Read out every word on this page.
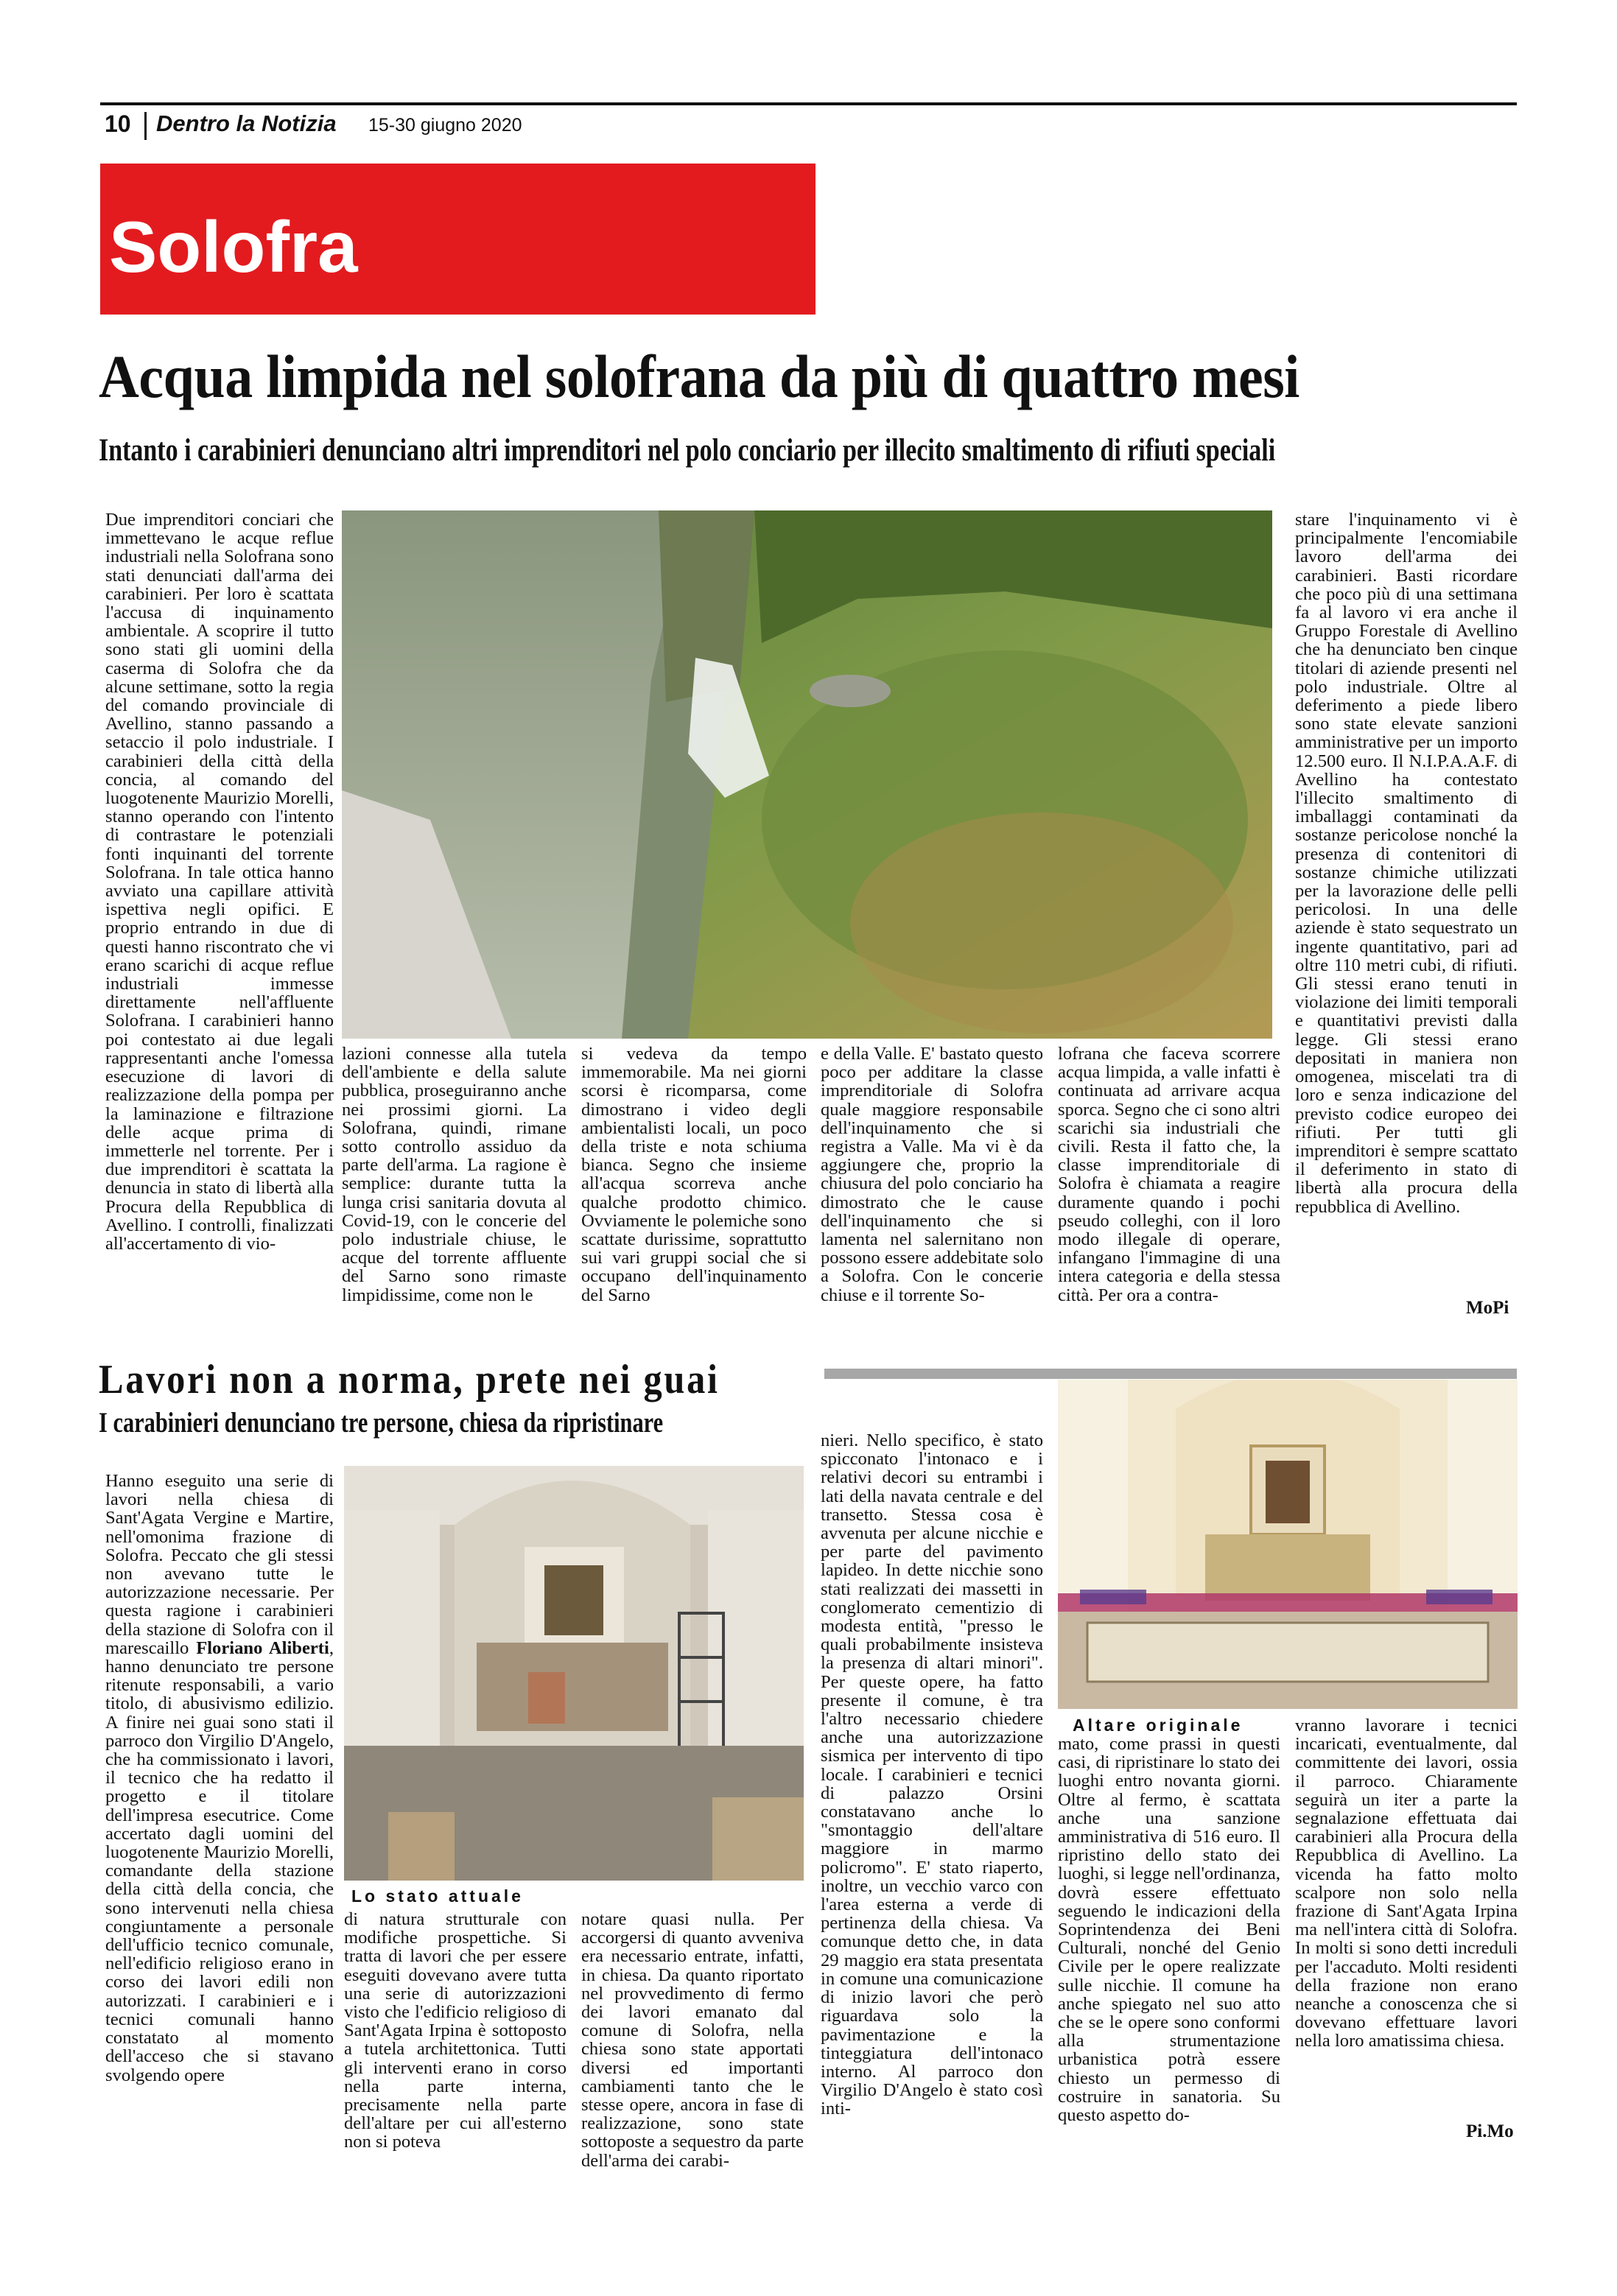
10 Dentro la Notizia 15-30 giugno 2020
Solofra
Acqua limpida nel solofrana da più di quattro mesi
Intanto i carabinieri denunciano altri imprenditori nel polo conciario per illecito smaltimento di rifiuti speciali

Due imprenditori conciari che immettevano le acque reflue industriali nella Solofrana sono stati denunciati dall'arma dei carabinieri. Per loro è scattata l'accusa di inquinamento ambientale. A scoprire il tutto sono stati gli uomini della caserma di Solofra che da alcune settimane, sotto la regia del comando provinciale di Avellino, stanno passando a setaccio il polo industriale. I carabinieri della città della concia, al comando del luogotenente Maurizio Morelli, stanno operando con l'intento di contrastare le potenziali fonti inquinanti del torrente Solofrana. In tale ottica hanno avviato una capillare attività ispettiva negli opifici. E proprio entrando in due di questi hanno riscontrato che vi erano scarichi di acque reflue industriali immesse direttamente nell'affluente Solofrana. I carabinieri hanno poi contestato ai due legali rappresentanti anche l'omessa esecuzione di lavori di realizzazione della pompa per la laminazione e filtrazione delle acque prima di immetterle nel torrente. Per i due imprenditori è scattata la denuncia in stato di libertà alla Procura della Repubblica di Avellino. I controlli, finalizzati all'accertamento di vio-

lazioni connesse alla tutela dell'ambiente e della salute pubblica, proseguiranno anche nei prossimi giorni. La Solofrana, quindi, rimane sotto controllo assiduo da parte dell'arma. La ragione è semplice: durante tutta la lunga crisi sanitaria dovuta al Covid-19, con le concerie del polo industriale chiuse, le acque del torrente affluente del Sarno sono rimaste limpidissime, come non le

si vedeva da tempo immemorabile. Ma nei giorni scorsi è ricomparsa, come dimostrano i video degli ambientalisti locali, un poco della triste e nota schiuma bianca. Segno che insieme all'acqua scorreva anche qualche prodotto chimico. Ovviamente le polemiche sono scattate durissime, soprattutto sui vari gruppi social che si occupano dell'inquinamento del Sarno

e della Valle. E' bastato questo poco per additare la classe imprenditoriale di Solofra quale maggiore responsabile dell'inquinamento che si registra a Valle. Ma vi è da aggiungere che, proprio la chiusura del polo conciario ha dimostrato che le cause dell'inquinamento che si lamenta nel salernitano non possono essere addebitate solo a Solofra. Con le concerie chiuse e il torrente So-

lofrana che faceva scorrere acqua limpida, a valle infatti è continuata ad arrivare acqua sporca. Segno che ci sono altri scarichi sia industriali che civili. Resta il fatto che, la classe imprenditoriale di Solofra è chiamata a reagire duramente quando i pochi pseudo colleghi, con il loro modo illegale di operare, infangano l'immagine di una intera categoria e della stessa città. Per ora a contra-

stare l'inquinamento vi è principalmente l'encomiabile lavoro dell'arma dei carabinieri. Basti ricordare che poco più di una settimana fa al lavoro vi era anche il Gruppo Forestale di Avellino che ha denunciato ben cinque titolari di aziende presenti nel polo industriale. Oltre al deferimento a piede libero sono state elevate sanzioni amministrative per un importo 12.500 euro. Il N.I.P.A.A.F. di Avellino ha contestato l'illecito smaltimento di imballaggi contaminati da sostanze pericolose nonché la presenza di contenitori di sostanze chimiche utilizzati per la lavorazione delle pelli pericolosi. In una delle aziende è stato sequestrato un ingente quantitativo, pari ad oltre 110 metri cubi, di rifiuti. Gli stessi erano tenuti in violazione dei limiti temporali e quantitativi previsti dalla legge. Gli stessi erano depositati in maniera non omogenea, miscelati tra di loro e senza indicazione del previsto codice europeo dei rifiuti. Per tutti gli imprenditori è sempre scattato il deferimento in stato di libertà alla procura della repubblica di Avellino.

MoPi
Lavori non a norma, prete nei guai
I carabinieri denunciano tre persone, chiesa da ripristinare

Hanno eseguito una serie di lavori nella chiesa di Sant'Agata Vergine e Martire, nell'omonima frazione di Solofra. Peccato che gli stessi non avevano tutte le autorizzazione necessarie. Per questa ragione i carabinieri della stazione di Solofra con il marescaillo Floriano Aliberti, hanno denunciato tre persone ritenute responsabili, a vario titolo, di abusivismo edilizio. A finire nei guai sono stati il parroco don Virgilio D'Angelo, che ha commissionato i lavori, il tecnico che ha redatto il progetto e il titolare dell'impresa esecutrice. Come accertato dagli uomini del luogotenente Maurizio Morelli, comandante della stazione della città della concia, che sono intervenuti nella chiesa congiuntamente a personale dell'ufficio tecnico comunale, nell'edificio religioso erano in corso dei lavori edili non autorizzati. I carabinieri e i tecnici comunali hanno constatato al momento dell'acceso che si stavano svolgendo opere

Lo stato attuale

di natura strutturale con modifiche prospettiche. Si tratta di lavori che per essere eseguiti dovevano avere tutta una serie di autorizzazioni visto che l'edificio religioso di Sant'Agata Irpina è sottoposto a tutela architettonica. Tutti gli interventi erano in corso nella parte interna, precisamente nella parte dell'altare per cui all'esterno non si poteva

notare quasi nulla. Per accorgersi di quanto avveniva era necessario entrate, infatti, in chiesa. Da quanto riportato nel provvedimento di fermo dei lavori emanato dal comune di Solofra, nella chiesa sono state apportati diversi ed importanti cambiamenti tanto che le stesse opere, ancora in fase di realizzazione, sono state sottoposte a sequestro da parte dell'arma dei carabi-

nieri. Nello specifico, è stato spicconato l'intonaco e i relativi decori su entrambi i lati della navata centrale e del transetto. Stessa cosa è avvenuta per alcune nicchie e per parte del pavimento lapideo. In dette nicchie sono stati realizzati dei massetti in conglomerato cementizio di modesta entità, "presso le quali probabilmente insisteva la presenza di altari minori". Per queste opere, ha fatto presente il comune, è tra l'altro necessario chiedere anche una autorizzazione sismica per intervento di tipo locale. I carabinieri e tecnici di palazzo Orsini constatavano anche lo "smontaggio dell'altare maggiore in marmo policromo". E' stato riaperto, inoltre, un vecchio varco con l'area esterna a verde di pertinenza della chiesa. Va comunque detto che, in data 29 maggio era stata presentata in comune una comunicazione di inizio lavori che però riguardava solo la pavimentazione e la tinteggiatura dell'intonaco interno. Al parroco don Virgilio D'Angelo è stato così inti-

Altare originale

mato, come prassi in questi casi, di ripristinare lo stato dei luoghi entro novanta giorni. Oltre al fermo, è scattata anche una sanzione amministrativa di 516 euro. Il ripristino dello stato dei luoghi, si legge nell'ordinanza, dovrà essere effettuato seguendo le indicazioni della Soprintendenza dei Beni Culturali, nonché del Genio Civile per le opere realizzate sulle nicchie. Il comune ha anche spiegato nel suo atto che se le opere sono conformi alla strumentazione urbanistica potrà essere chiesto un permesso di costruire in sanatoria. Su questo aspetto do-

vranno lavorare i tecnici incaricati, eventualmente, dal committente dei lavori, ossia il parroco. Chiaramente seguirà un iter a parte la segnalazione effettuata dai carabinieri alla Procura della Repubblica di Avellino. La vicenda ha fatto molto scalpore non solo nella frazione di Sant'Agata Irpina ma nell'intera città di Solofra. In molti si sono detti increduli per l'accaduto. Molti residenti della frazione non erano neanche a conoscenza che si dovevano effettuare lavori nella loro amatissima chiesa.

Pi.Mo
